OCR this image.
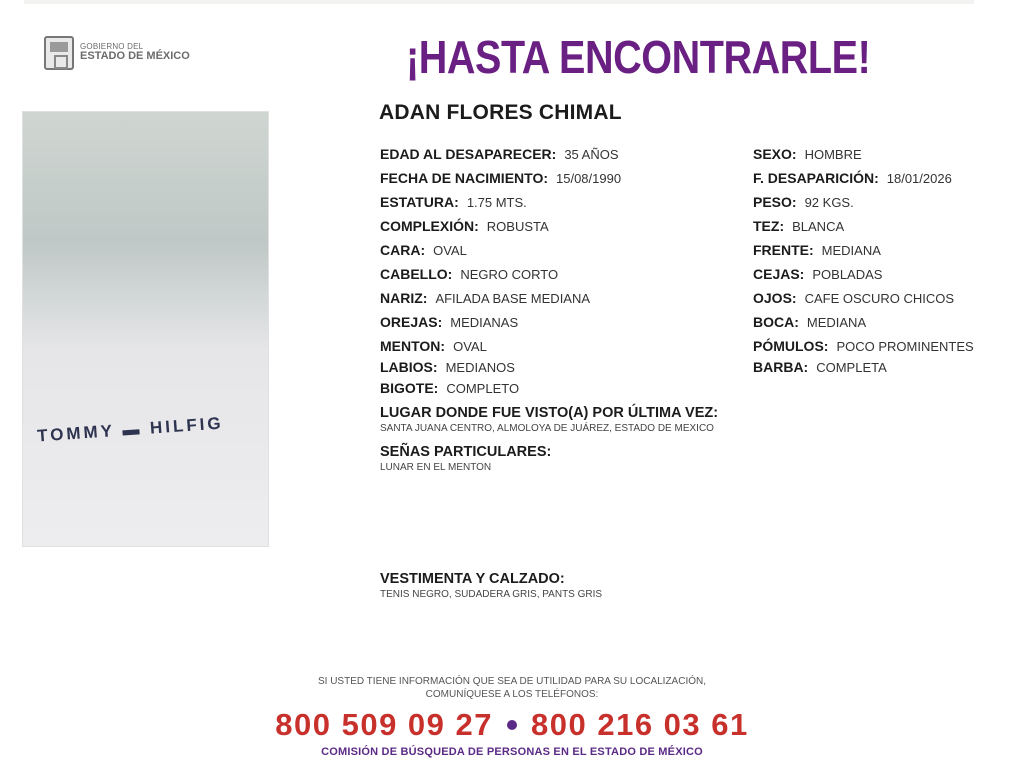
GOBIERNO DEL
ESTADO DE MÉXICO	¡HASTA ENCONTRARLE!
ADAN FLORES CHIMAL
TOMMY ▬ HILFIG
EDAD AL DESAPARECER: 35 AÑOS
FECHA DE NACIMIENTO: 15/08/1990
ESTATURA: 1.75 MTS.
COMPLEXIÓN: ROBUSTA
CARA: OVAL
CABELLO: NEGRO CORTO
NARIZ: AFILADA BASE MEDIANA
OREJAS: MEDIANAS
MENTON: OVAL
LABIOS: MEDIANOS
BIGOTE: COMPLETO
SEXO: HOMBRE
F. DESAPARICIÓN: 18/01/2026
PESO: 92 KGS.
TEZ: BLANCA
FRENTE: MEDIANA
CEJAS: POBLADAS
OJOS: CAFE OSCURO CHICOS
BOCA: MEDIANA
PÓMULOS: POCO PROMINENTES
BARBA: COMPLETA
LUGAR DONDE FUE VISTO(A) POR ÚLTIMA VEZ:
SANTA JUANA CENTRO, ALMOLOYA DE JUÁREZ, ESTADO DE MEXICO
SEÑAS PARTICULARES:
LUNAR EN EL MENTON
VESTIMENTA Y CALZADO:
TENIS NEGRO, SUDADERA GRIS, PANTS GRIS
SI USTED TIENE INFORMACIÓN QUE SEA DE UTILIDAD PARA SU LOCALIZACIÓN,
COMUNÍQUESE A LOS TELÉFONOS:
800 509 09 27 800 216 03 61
COMISIÓN DE BÚSQUEDA DE PERSONAS EN EL ESTADO DE MÉXICO
